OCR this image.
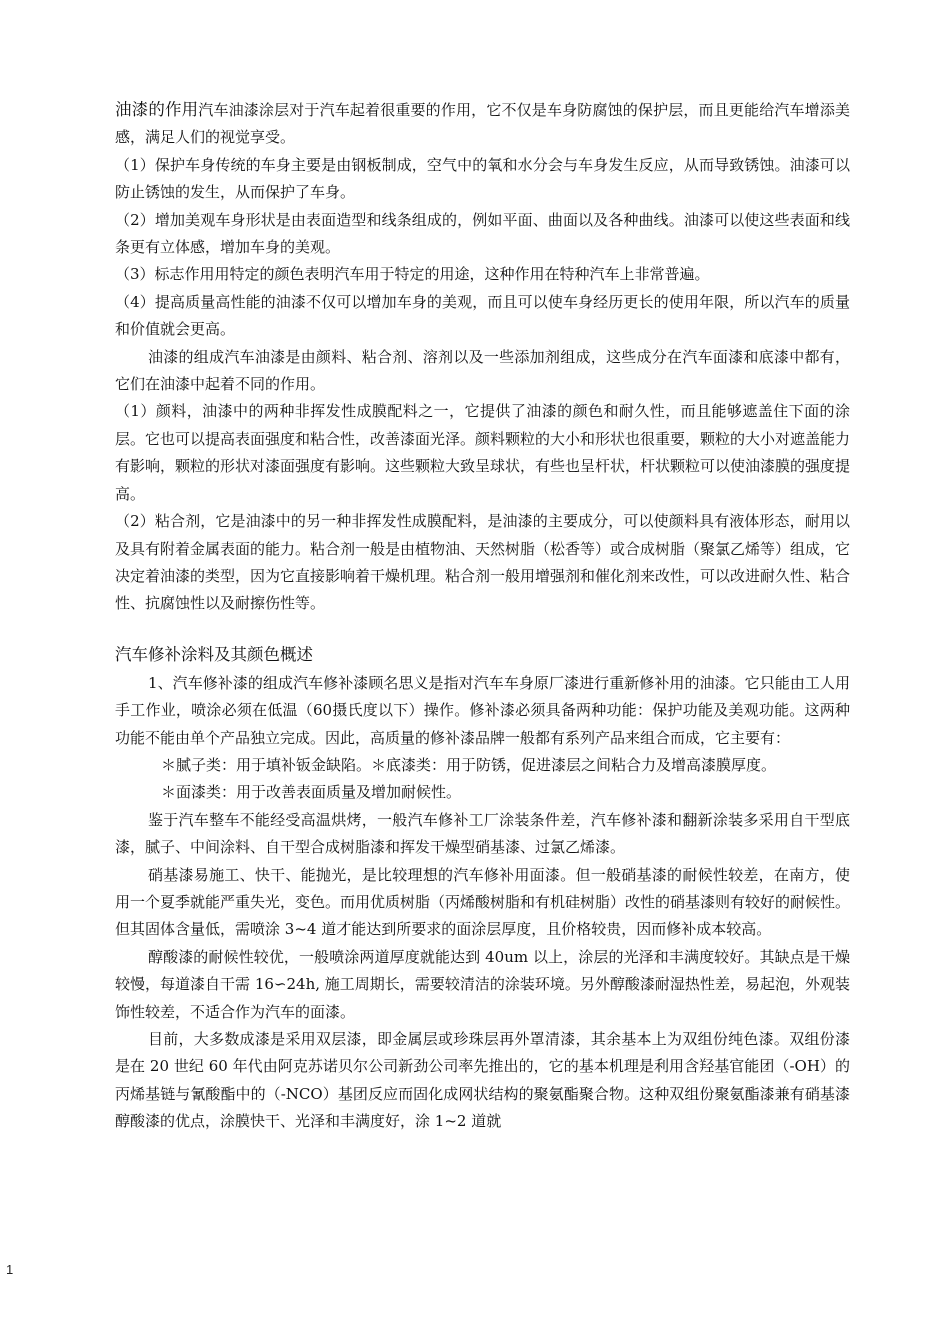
油漆的作用汽车油漆涂层对于汽车起着很重要的作用，它不仅是车身防腐蚀的保护层，而且更能给汽车增添美感，满足人们的视觉享受。

（1）保护车身传统的车身主要是由钢板制成，空气中的氧和水分会与车身发生反应，从而导致锈蚀。油漆可以防止锈蚀的发生，从而保护了车身。

（2）增加美观车身形状是由表面造型和线条组成的，例如平面、曲面以及各种曲线。油漆可以使这些表面和线条更有立体感，增加车身的美观。

（3）标志作用用特定的颜色表明汽车用于特定的用途，这种作用在特种汽车上非常普遍。

（4）提高质量高性能的油漆不仅可以增加车身的美观，而且可以使车身经历更长的使用年限，所以汽车的质量和价值就会更高。

油漆的组成汽车油漆是由颜料、粘合剂、溶剂以及一些添加剂组成，这些成分在汽车面漆和底漆中都有，它们在油漆中起着不同的作用。

（1）颜料，油漆中的两种非挥发性成膜配料之一，它提供了油漆的颜色和耐久性，而且能够遮盖住下面的涂层。它也可以提高表面强度和粘合性，改善漆面光泽。颜料颗粒的大小和形状也很重要，颗粒的大小对遮盖能力有影响，颗粒的形状对漆面强度有影响。这些颗粒大致呈球状，有些也呈杆状，杆状颗粒可以使油漆膜的强度提高。

（2）粘合剂，它是油漆中的另一种非挥发性成膜配料，是油漆的主要成分，可以使颜料具有液体形态，耐用以及具有附着金属表面的能力。粘合剂一般是由植物油、天然树脂（松香等）或合成树脂（聚氯乙烯等）组成，它决定着油漆的类型，因为它直接影响着干燥机理。粘合剂一般用增强剂和催化剂来改性，可以改进耐久性、粘合性、抗腐蚀性以及耐擦伤性等。

汽车修补涂料及其颜色概述

1、汽车修补漆的组成汽车修补漆顾名思义是指对汽车车身原厂漆进行重新修补用的油漆。它只能由工人用手工作业，喷涂必须在低温（60摄氏度以下）操作。修补漆必须具备两种功能：保护功能及美观功能。这两种功能不能由单个产品独立完成。因此，高质量的修补漆品牌一般都有系列产品来组合而成，它主要有：

＊腻子类：用于填补钣金缺陷。＊底漆类：用于防锈，促进漆层之间粘合力及增高漆膜厚度。

＊面漆类：用于改善表面质量及增加耐候性。

鉴于汽车整车不能经受高温烘烤，一般汽车修补工厂涂装条件差，汽车修补漆和翻新涂装多采用自干型底漆，腻子、中间涂料、自干型合成树脂漆和挥发干燥型硝基漆、过氯乙烯漆。

硝基漆易施工、快干、能抛光，是比较理想的汽车修补用面漆。但一般硝基漆的耐候性较差，在南方，使用一个夏季就能严重失光，变色。而用优质树脂（丙烯酸树脂和有机硅树脂）改性的硝基漆则有较好的耐候性。但其固体含量低，需喷涂 3~4 道才能达到所要求的面涂层厚度，且价格较贵，因而修补成本较高。

醇酸漆的耐候性较优，一般喷涂两道厚度就能达到 40um 以上，涂层的光泽和丰满度较好。其缺点是干燥较慢，每道漆自干需 16∽24h, 施工周期长，需要较清洁的涂装环境。另外醇酸漆耐湿热性差，易起泡，外观装饰性较差，不适合作为汽车的面漆。

目前，大多数成漆是采用双层漆，即金属层或珍珠层再外罩清漆，其余基本上为双组份纯色漆。双组份漆是在 20 世纪 60 年代由阿克苏诺贝尔公司新劲公司率先推出的，它的基本机理是利用含羟基官能团（-OH）的丙烯基链与氰酸酯中的（-NCO）基团反应而固化成网状结构的聚氨酯聚合物。这种双组份聚氨酯漆兼有硝基漆醇酸漆的优点，涂膜快干、光泽和丰满度好，涂 1~2 道就

1
